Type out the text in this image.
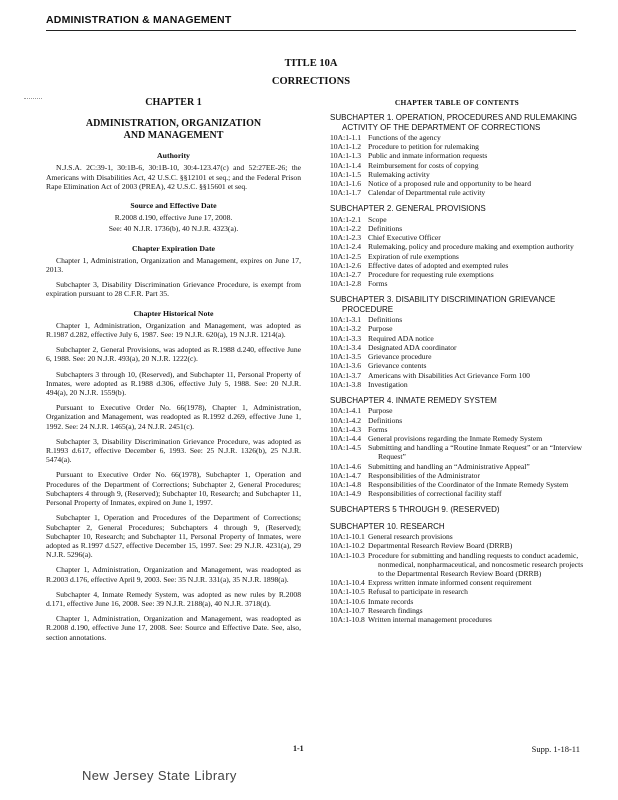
ADMINISTRATION & MANAGEMENT
TITLE 10A
CORRECTIONS
CHAPTER 1
ADMINISTRATION, ORGANIZATION
AND MANAGEMENT
Authority

N.J.S.A. 2C:39-1, 30:1B-6, 30:1B-10, 30:4-123.47(c) and 52:27EE-26; the Americans with Disabilities Act, 42 U.S.C. §§12101 et seq.; and the Federal Prison Rape Elimination Act of 2003 (PREA), 42 U.S.C. §§15601 et seq.

Source and Effective Date
R.2008 d.190, effective June 17, 2008.
See: 40 N.J.R. 1736(b), 40 N.J.R. 4323(a).
Chapter Expiration Date

Chapter 1, Administration, Organization and Management, expires on June 17, 2013.

Subchapter 3, Disability Discrimination Grievance Procedure, is exempt from expiration pursuant to 28 C.F.R. Part 35.

Chapter Historical Note

Chapter 1, Administration, Organization and Management, was adopted as R.1987 d.282, effective July 6, 1987. See: 19 N.J.R. 620(a), 19 N.J.R. 1214(a).

Subchapter 2, General Provisions, was adopted as R.1988 d.240, effective June 6, 1988. See: 20 N.J.R. 493(a), 20 N.J.R. 1222(c).

Subchapters 3 through 10, (Reserved), and Subchapter 11, Personal Property of Inmates, were adopted as R.1988 d.306, effective July 5, 1988. See: 20 N.J.R. 494(a), 20 N.J.R. 1559(b).

Pursuant to Executive Order No. 66(1978), Chapter 1, Administration, Organization and Management, was readopted as R.1992 d.269, effective June 1, 1992. See: 24 N.J.R. 1465(a), 24 N.J.R. 2451(c).

Subchapter 3, Disability Discrimination Grievance Procedure, was adopted as R.1993 d.617, effective December 6, 1993. See: 25 N.J.R. 1326(b), 25 N.J.R. 5474(a).

Pursuant to Executive Order No. 66(1978), Subchapter 1, Operation and Procedures of the Department of Corrections; Subchapter 2, General Procedures; Subchapters 4 through 9, (Reserved); Subchapter 10, Research; and Subchapter 11, Personal Property of Inmates, expired on June 1, 1997.

Subchapter 1, Operation and Procedures of the Department of Corrections; Subchapter 2, General Procedures; Subchapters 4 through 9, (Reserved); Subchapter 10, Research; and Subchapter 11, Personal Property of Inmates, were adopted as R.1997 d.527, effective December 15, 1997. See: 29 N.J.R. 4231(a), 29 N.J.R. 5296(a).

Chapter 1, Administration, Organization and Management, was readopted as R.2003 d.176, effective April 9, 2003. See: 35 N.J.R. 331(a), 35 N.J.R. 1898(a).

Subchapter 4, Inmate Remedy System, was adopted as new rules by R.2008 d.171, effective June 16, 2008. See: 39 N.J.R. 2188(a), 40 N.J.R. 3718(d).

Chapter 1, Administration, Organization and Management, was readopted as R.2008 d.190, effective June 17, 2008. See: Source and Effective Date. See, also, section annotations.

CHAPTER TABLE OF CONTENTS
SUBCHAPTER 1. OPERATION, PROCEDURES AND RULEMAKING ACTIVITY OF THE DEPARTMENT OF CORRECTIONS
10A:1-1.1 Functions of the agency
10A:1-1.2 Procedure to petition for rulemaking
10A:1-1.3 Public and inmate information requests
10A:1-1.4 Reimbursement for costs of copying
10A:1-1.5 Rulemaking activity
10A:1-1.6 Notice of a proposed rule and opportunity to be heard
10A:1-1.7 Calendar of Departmental rule activity
SUBCHAPTER 2. GENERAL PROVISIONS
10A:1-2.1 Scope
10A:1-2.2 Definitions
10A:1-2.3 Chief Executive Officer
10A:1-2.4 Rulemaking, policy and procedure making and exemption authority
10A:1-2.5 Expiration of rule exemptions
10A:1-2.6 Effective dates of adopted and exempted rules
10A:1-2.7 Procedure for requesting rule exemptions
10A:1-2.8 Forms
SUBCHAPTER 3. DISABILITY DISCRIMINATION GRIEVANCE PROCEDURE
10A:1-3.1 Definitions
10A:1-3.2 Purpose
10A:1-3.3 Required ADA notice
10A:1-3.4 Designated ADA coordinator
10A:1-3.5 Grievance procedure
10A:1-3.6 Grievance contents
10A:1-3.7 Americans with Disabilities Act Grievance Form 100
10A:1-3.8 Investigation
SUBCHAPTER 4. INMATE REMEDY SYSTEM
10A:1-4.1 Purpose
10A:1-4.2 Definitions
10A:1-4.3 Forms
10A:1-4.4 General provisions regarding the Inmate Remedy System
10A:1-4.5 Submitting and handling a “Routine Inmate Request” or an “Interview Request”
10A:1-4.6 Submitting and handling an “Administrative Appeal”
10A:1-4.7 Responsibilities of the Administrator
10A:1-4.8 Responsibilities of the Coordinator of the Inmate Remedy System
10A:1-4.9 Responsibilities of correctional facility staff
SUBCHAPTERS 5 THROUGH 9. (RESERVED)
SUBCHAPTER 10. RESEARCH
10A:1-10.1 General research provisions
10A:1-10.2 Departmental Research Review Board (DRRB)
10A:1-10.3 Procedure for submitting and handling requests to conduct academic, nonmedical, nonpharmaceutical, and noncosmetic research projects to the Departmental Research Review Board (DRRB)
10A:1-10.4 Express written inmate informed consent requirement
10A:1-10.5 Refusal to participate in research
10A:1-10.6 Inmate records
10A:1-10.7 Research findings
10A:1-10.8 Written internal management procedures
1-1	Supp. 1-18-11
New Jersey State Library
